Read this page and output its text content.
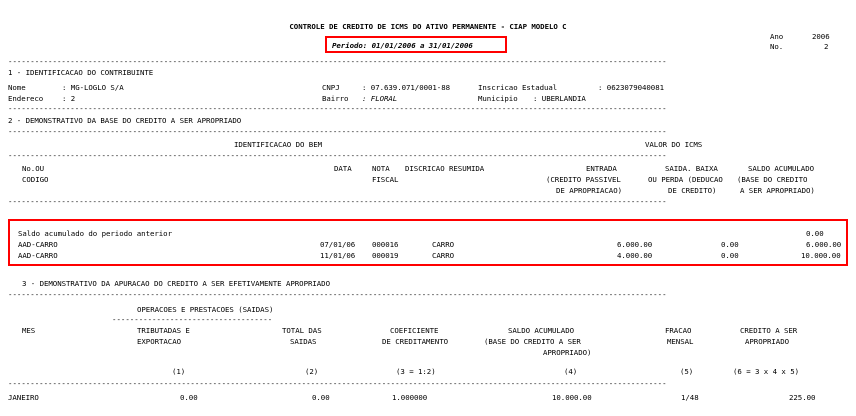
CONTROLE DE CREDITO DE ICMS DO ATIVO PERMANENTE - CIAP MODELO C
Ano	2006
No.	2
Periodo: 01/01/2006 a 31/01/2006
----------------------------------------------------------------------------------------------------------------------------------------------------
1 - IDENTIFICACAO DO CONTRIBUINTE
Nome	: MG-LOGLO S/A	CNPJ	: 07.639.071/0001-88	Inscricao Estadual	: 0623079040081
Endereco	: 2	Bairro : FLORAL	Municipio : UBERLANDIA
----------------------------------------------------------------------------------------------------------------------------------------------------
2 - DEMONSTRATIVO DA BASE DO CREDITO A SER APROPRIADO
----------------------------------------------------------------------------------------------------------------------------------------------------
IDENTIFICACAO DO BEM	VALOR DO ICMS
----------------------------------------------------------------------------------------------------------------------------------------------------
No.OU	DATA	NOTA DISCRICAO RESUMIDA	ENTRADA	SAIDA. BAIXA	SALDO ACUMULADO
CODIGO	FISCAL	(CREDITO PASSIVEL	OU PERDA (DEDUCAO (BASE DO CREDITO
DE APROPRIACAO)	DE CREDITO)	A SER APROPRIADO)
----------------------------------------------------------------------------------------------------------------------------------------------------
Saldo acumulado do periodo anterior	0.00
AAD-CARRO	07/01/06 000016	CARRO	6.000.00	0.00	6.000.00
AAD-CARRO	11/01/06 000019	CARRO	4.000.00	0.00	10.000.00
3 - DEMONSTRATIVO DA APURACAO DO CREDITO A SER EFETIVAMENTE APROPRIADO
----------------------------------------------------------------------------------------------------------------------------------------------------
OPERACOES E PRESTACOES (SAIDAS)
------------------------------------
MES	TRIBUTADAS E	TOTAL DAS	COEFICIENTE	SALDO ACUMULADO	FRACAO	CREDITO A SER
EXPORTACAO	SAIDAS	DE CREDITAMENTO	(BASE DO CREDITO A SER	MENSAL	APROPRIADO
APROPRIADO)
(1)	(2)	(3 = 1:2)	(4)	(5)	(6 = 3 x 4 x 5)
----------------------------------------------------------------------------------------------------------------------------------------------------
JANEIRO	0.00	0.00	1.000000	10.000.00	1/48	225.00
